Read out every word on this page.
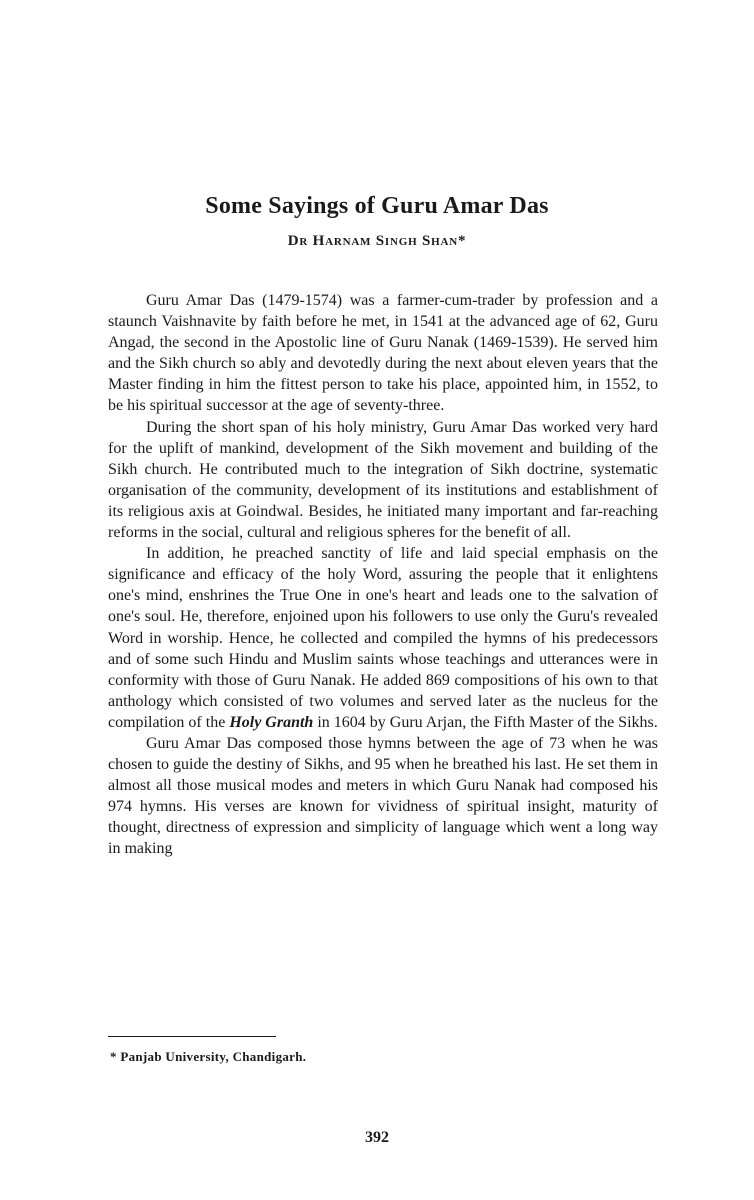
Some Sayings of Guru Amar Das
Dr Harnam Singh Shan*

Guru Amar Das (1479-1574) was a farmer-cum-trader by profession and a staunch Vaishnavite by faith before he met, in 1541 at the advanced age of 62, Guru Angad, the second in the Apostolic line of Guru Nanak (1469-1539). He served him and the Sikh church so ably and devotedly during the next about eleven years that the Master finding in him the fittest person to take his place, appointed him, in 1552, to be his spiritual successor at the age of seventy-three.

During the short span of his holy ministry, Guru Amar Das worked very hard for the uplift of mankind, development of the Sikh movement and building of the Sikh church. He contributed much to the integration of Sikh doctrine, systematic organisation of the community, development of its institutions and establishment of its religious axis at Goindwal. Besides, he initiated many important and far-reaching reforms in the social, cultural and religious spheres for the benefit of all.

In addition, he preached sanctity of life and laid special emphasis on the significance and efficacy of the holy Word, assuring the people that it enlightens one's mind, enshrines the True One in one's heart and leads one to the salvation of one's soul. He, therefore, enjoined upon his followers to use only the Guru's revealed Word in worship. Hence, he collected and compiled the hymns of his predecessors and of some such Hindu and Muslim saints whose teachings and utterances were in conformity with those of Guru Nanak. He added 869 compositions of his own to that anthology which consisted of two volumes and served later as the nucleus for the compilation of the Holy Granth in 1604 by Guru Arjan, the Fifth Master of the Sikhs.

Guru Amar Das composed those hymns between the age of 73 when he was chosen to guide the destiny of Sikhs, and 95 when he breathed his last. He set them in almost all those musical modes and meters in which Guru Nanak had composed his 974 hymns. His verses are known for vividness of spiritual insight, maturity of thought, directness of expression and simplicity of language which went a long way in making

* Panjab University, Chandigarh.
392
